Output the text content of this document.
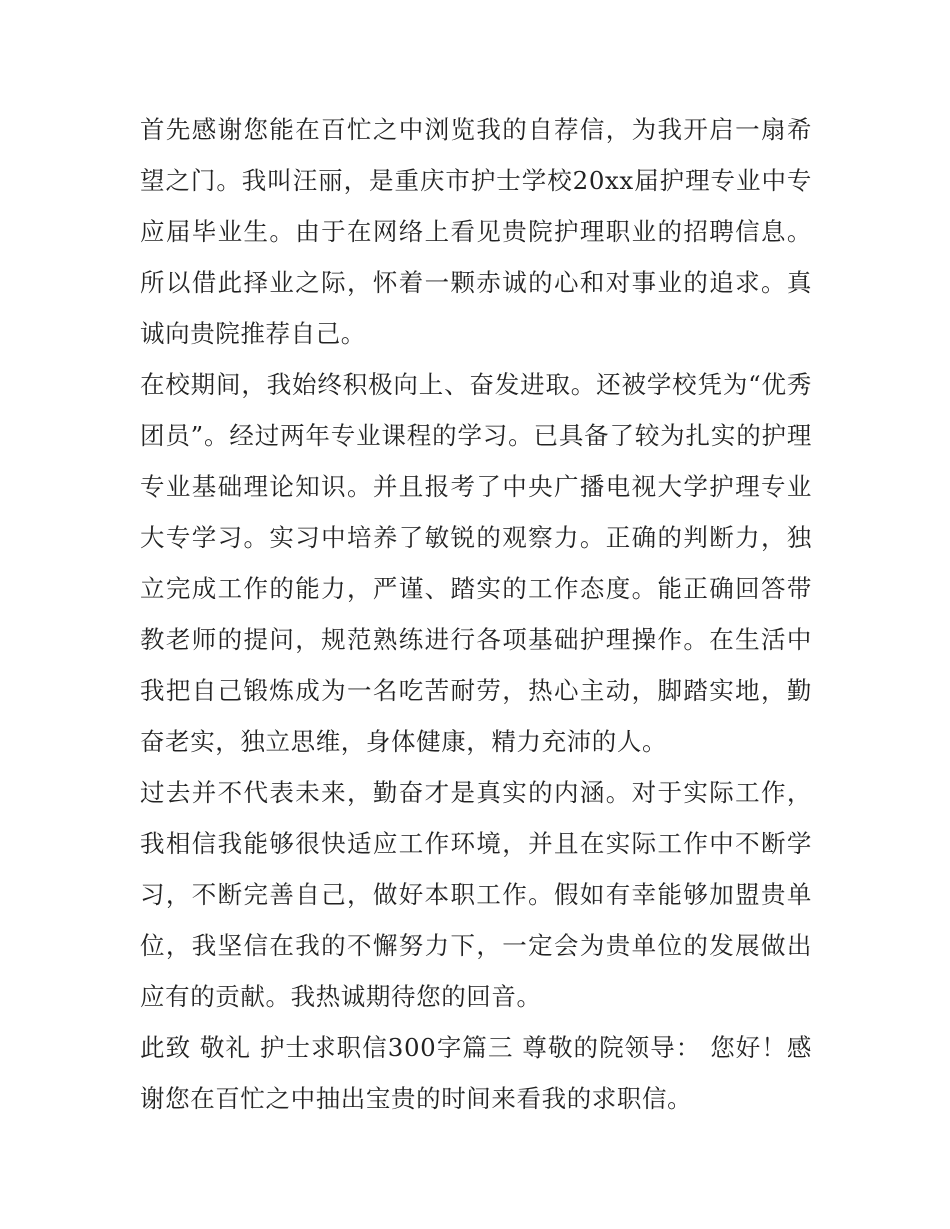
首先感谢您能在百忙之中浏览我的自荐信，为我开启一扇希望之门。我叫汪丽，是重庆市护士学校20xx届护理专业中专应届毕业生。由于在网络上看见贵院护理职业的招聘信息。所以借此择业之际，怀着一颗赤诚的心和对事业的追求。真诚向贵院推荐自己。

在校期间，我始终积极向上、奋发进取。还被学校凭为“优秀团员”。经过两年专业课程的学习。已具备了较为扎实的护理专业基础理论知识。并且报考了中央广播电视大学护理专业大专学习。实习中培养了敏锐的观察力。正确的判断力，独立完成工作的能力，严谨、踏实的工作态度。能正确回答带教老师的提问，规范熟练进行各项基础护理操作。在生活中我把自己锻炼成为一名吃苦耐劳，热心主动，脚踏实地，勤奋老实，独立思维，身体健康，精力充沛的人。

过去并不代表未来，勤奋才是真实的内涵。对于实际工作，我相信我能够很快适应工作环境，并且在实际工作中不断学习，不断完善自己，做好本职工作。假如有幸能够加盟贵单位，我坚信在我的不懈努力下，一定会为贵单位的发展做出应有的贡献。我热诚期待您的回音。

此致 敬礼 护士求职信300字篇三 尊敬的院领导： 您好！感谢您在百忙之中抽出宝贵的时间来看我的求职信。
